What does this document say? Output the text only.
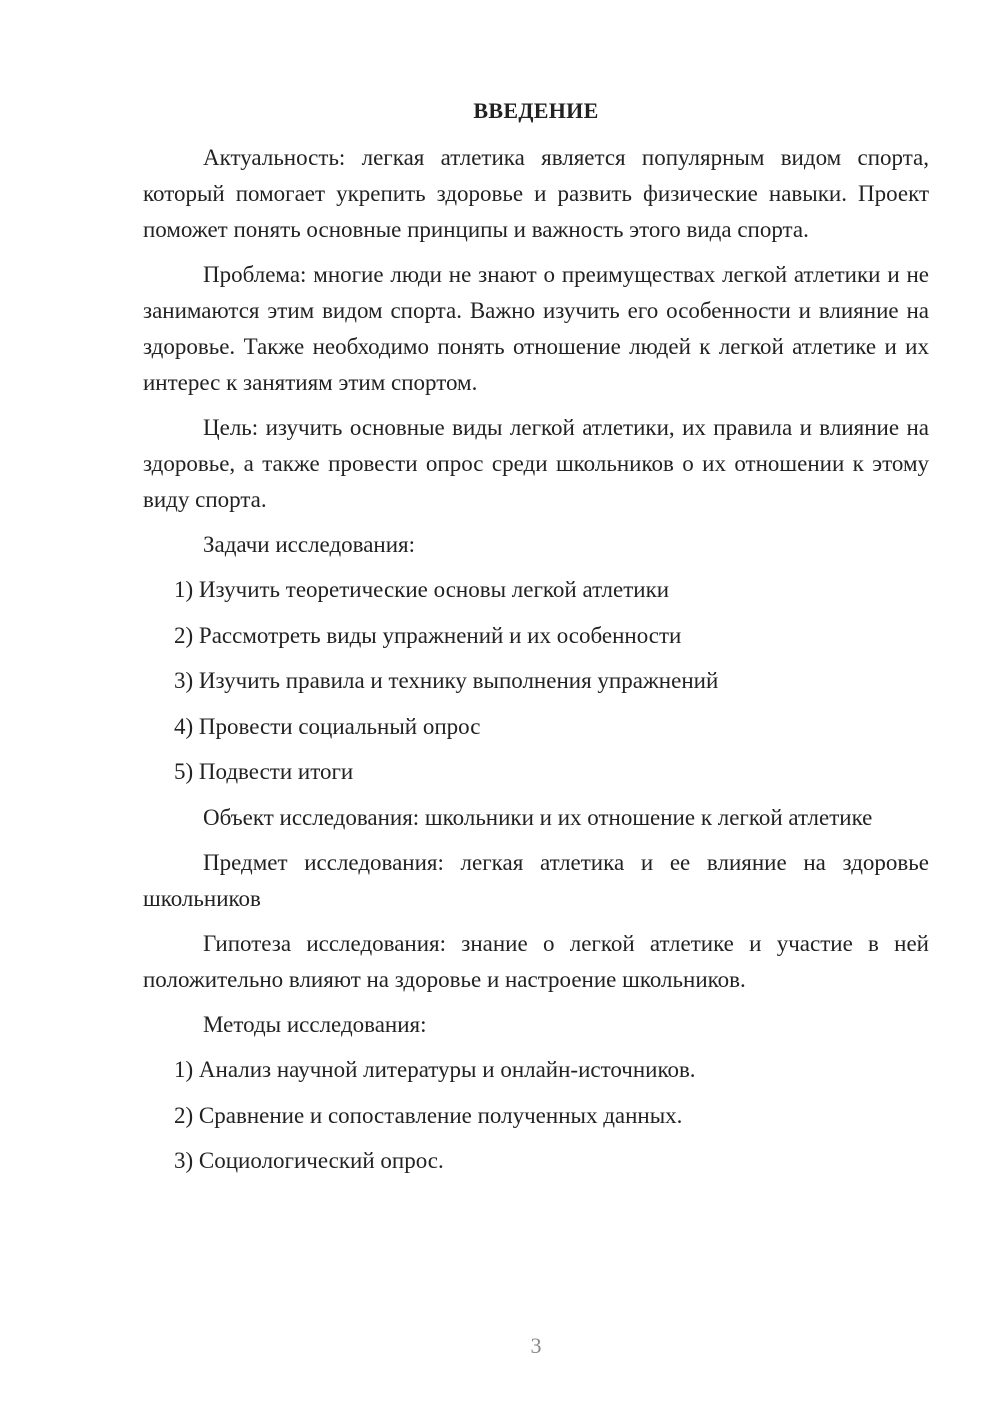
ВВЕДЕНИЕ

Актуальность: легкая атлетика является популярным видом спорта, который помогает укрепить здоровье и развить физические навыки. Проект поможет понять основные принципы и важность этого вида спорта.

Проблема: многие люди не знают о преимуществах легкой атлетики и не занимаются этим видом спорта. Важно изучить его особенности и влияние на здоровье. Также необходимо понять отношение людей к легкой атлетике и их интерес к занятиям этим спортом.

Цель: изучить основные виды легкой атлетики, их правила и влияние на здоровье, а также провести опрос среди школьников о их отношении к этому виду спорта.

Задачи исследования:
1) Изучить теоретические основы легкой атлетики
2) Рассмотреть виды упражнений и их особенности
3) Изучить правила и технику выполнения упражнений
4) Провести социальный опрос
5) Подвести итоги
Объект исследования: школьники и их отношение к легкой атлетике

Предмет исследования: легкая атлетика и ее влияние на здоровье школьников

Гипотеза исследования: знание о легкой атлетике и участие в ней положительно влияют на здоровье и настроение школьников.

Методы исследования:
1) Анализ научной литературы и онлайн-источников.
2) Сравнение и сопоставление полученных данных.
3) Социологический опрос.
3
